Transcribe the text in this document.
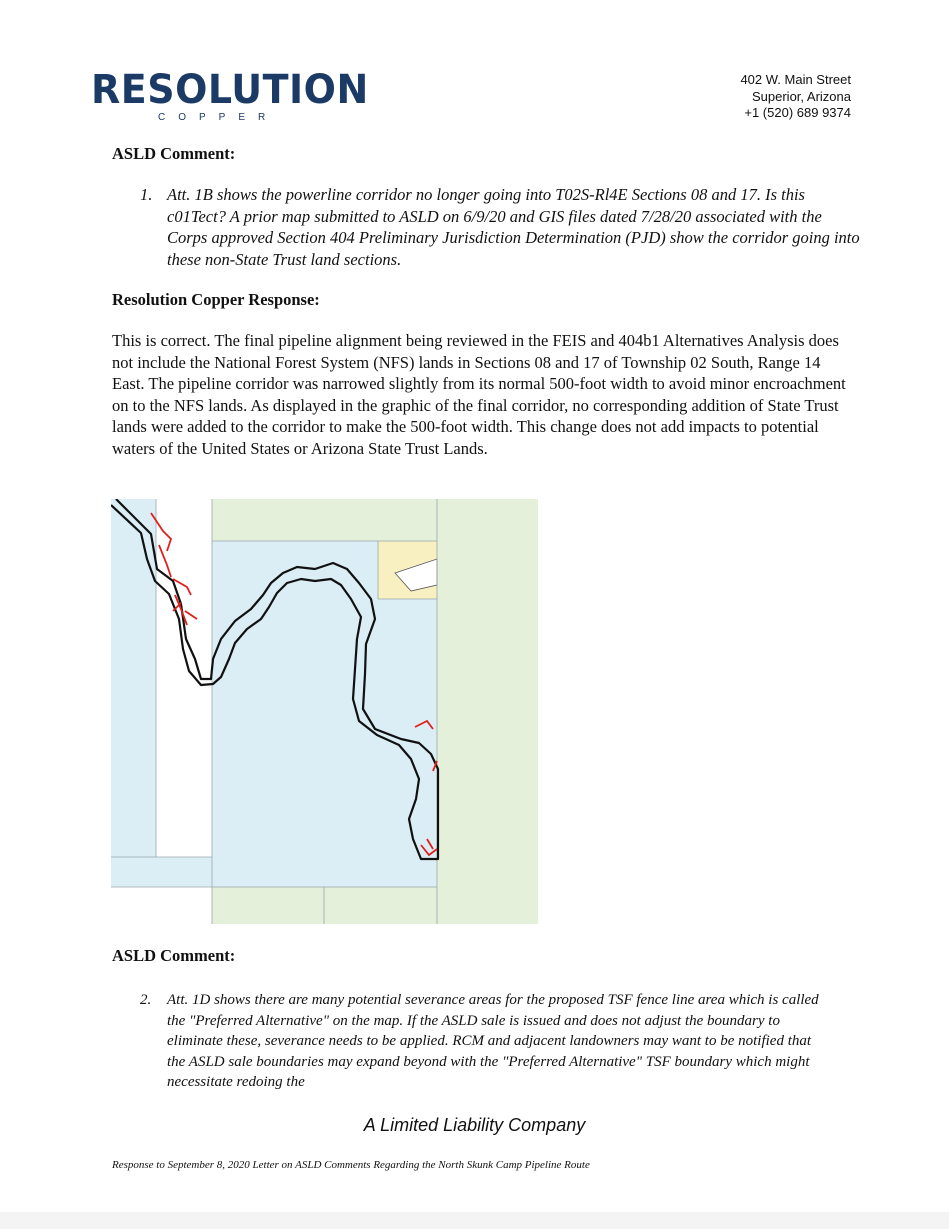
RESOLUTION
COPPER
402 W. Main Street
Superior, Arizona
+1 (520) 689 9374
ASLD Comment:
1. Att. 1B shows the powerline corridor no longer going into T02S-Rl4E Sections 08 and 17. Is this c01Tect? A prior map submitted to ASLD on 6/9/20 and GIS files dated 7/28/20 associated with the Corps approved Section 404 Preliminary Jurisdiction Determination (PJD) show the corridor going into these non-State Trust land sections.
Resolution Copper Response:
This is correct. The final pipeline alignment being reviewed in the FEIS and 404b1 Alternatives Analysis does not include the National Forest System (NFS) lands in Sections 08 and 17 of Township 02 South, Range 14 East. The pipeline corridor was narrowed slightly from its normal 500-foot width to avoid minor encroachment on to the NFS lands. As displayed in the graphic of the final corridor, no corresponding addition of State Trust lands were added to the corridor to make the 500-foot width. This change does not add impacts to potential waters of the United States or Arizona State Trust Lands.
ASLD Comment:
2. Att. 1D shows there are many potential severance areas for the proposed TSF fence line area which is called the "Preferred Alternative" on the map. If the ASLD sale is issued and does not adjust the boundary to eliminate these, severance needs to be applied. RCM and adjacent landowners may want to be notified that the ASLD sale boundaries may expand beyond with the "Preferred Alternative" TSF boundary which might necessitate redoing the
A Limited Liability Company
Response to September 8, 2020 Letter on ASLD Comments Regarding the North Skunk Camp Pipeline Route
